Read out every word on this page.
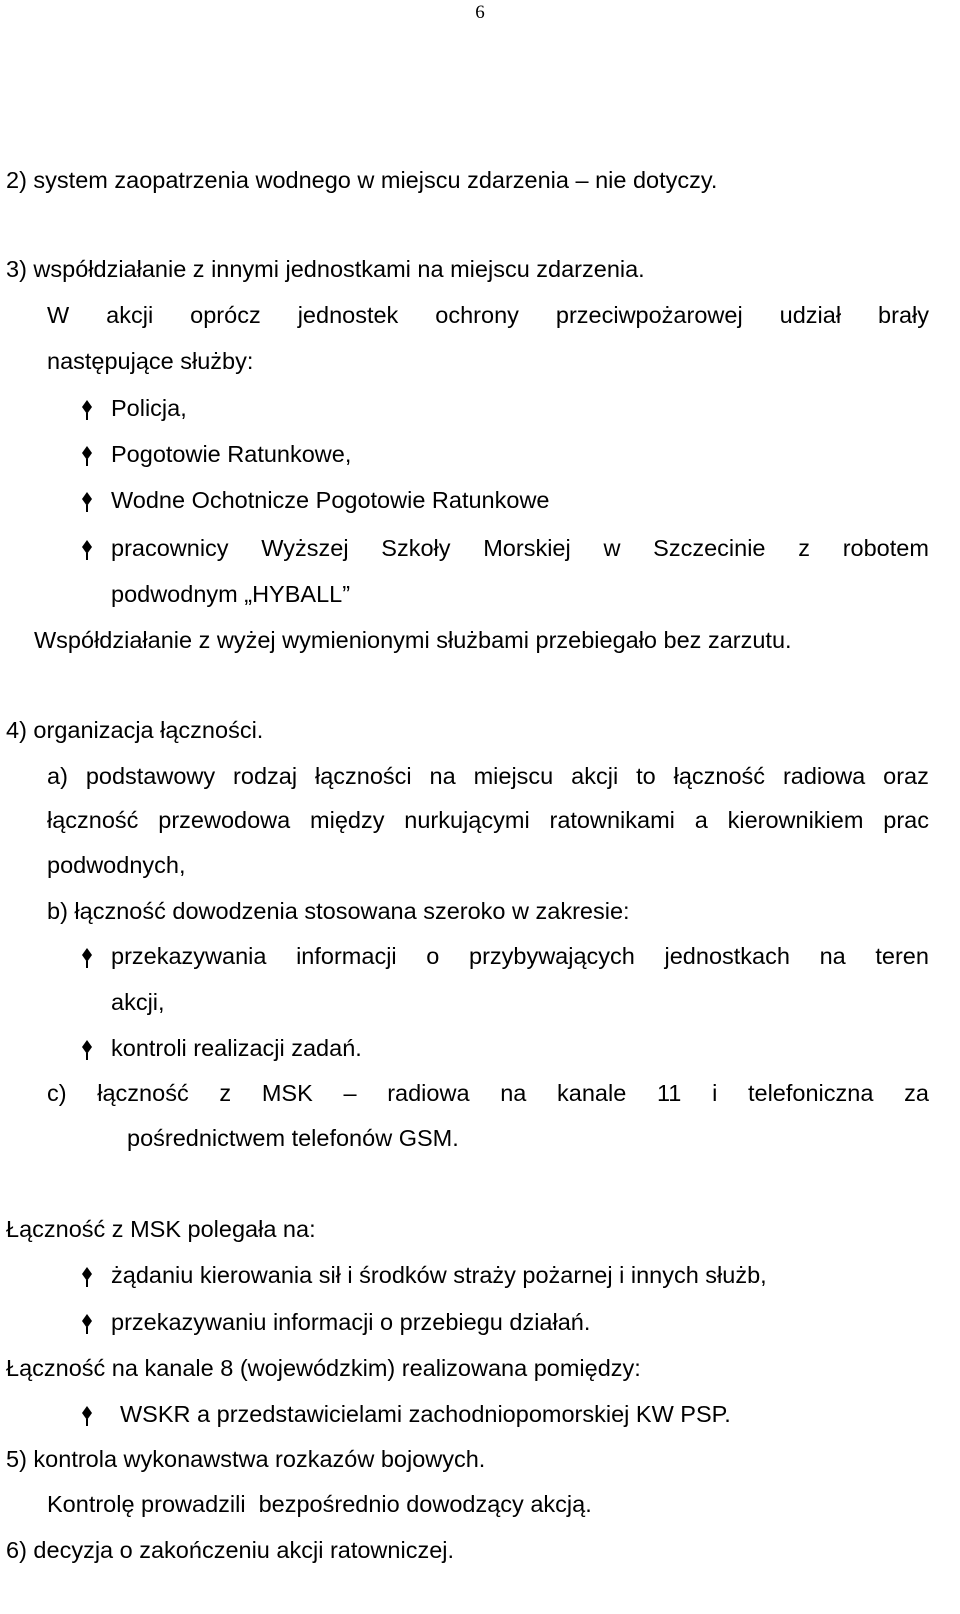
6
2) system zaopatrzenia wodnego w miejscu zdarzenia – nie dotyczy.
3) współdziałanie z innymi jednostkami na miejscu zdarzenia.
W akcji oprócz jednostek ochrony przeciwpożarowej udział brały
następujące służby:
Policja,
Pogotowie Ratunkowe,
Wodne Ochotnicze Pogotowie Ratunkowe
pracownicy Wyższej Szkoły Morskiej w Szczecinie z robotem
podwodnym „HYBALL”
Współdziałanie z wyżej wymienionymi służbami przebiegało bez zarzutu.
4) organizacja łączności.
a) podstawowy rodzaj łączności na miejscu akcji to łączność radiowa oraz
łączność przewodowa między nurkującymi ratownikami a kierownikiem prac
podwodnych,
b) łączność dowodzenia stosowana szeroko w zakresie:
przekazywania informacji o przybywających jednostkach na teren
akcji,
kontroli realizacji zadań.
c) łączność z MSK – radiowa na kanale 11 i telefoniczna za
pośrednictwem telefonów GSM.
Łączność z MSK polegała na:
żądaniu kierowania sił i środków straży pożarnej i innych służb,
przekazywaniu informacji o przebiegu działań.
Łączność na kanale 8 (wojewódzkim) realizowana pomiędzy:
WSKR a przedstawicielami zachodniopomorskiej KW PSP.
5) kontrola wykonawstwa rozkazów bojowych.
Kontrolę prowadzili  bezpośrednio dowodzący akcją.
6) decyzja o zakończeniu akcji ratowniczej.
